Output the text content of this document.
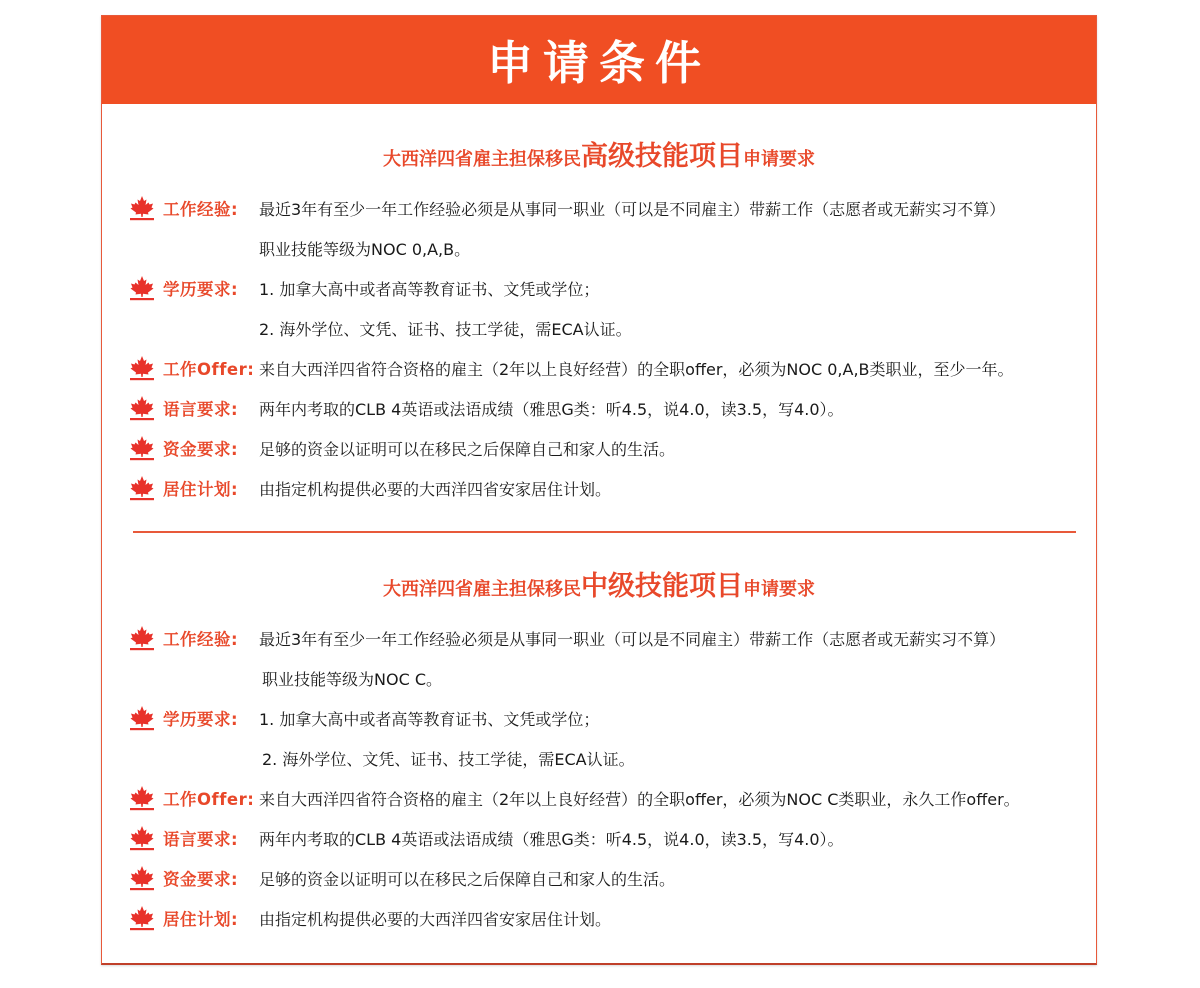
申请条件
大西洋四省雇主担保移民高级技能项目申请要求
工作经验:	最近3年有至少一年工作经验必须是从事同一职业（可以是不同雇主）带薪工作（志愿者或无薪实习不算）
职业技能等级为NOC 0,A,B。
学历要求:	1. 加拿大高中或者高等教育证书、文凭或学位；
2. 海外学位、文凭、证书、技工学徒，需ECA认证。
工作Offer: 来自大西洋四省符合资格的雇主（2年以上良好经营）的全职offer，必须为NOC 0,A,B类职业，至少一年。
语言要求:	两年内考取的CLB 4英语或法语成绩（雅思G类：听4.5，说4.0，读3.5，写4.0）。
资金要求:	足够的资金以证明可以在移民之后保障自己和家人的生活。
居住计划:	由指定机构提供必要的大西洋四省安家居住计划。
大西洋四省雇主担保移民中级技能项目申请要求
工作经验:	最近3年有至少一年工作经验必须是从事同一职业（可以是不同雇主）带薪工作（志愿者或无薪实习不算）
职业技能等级为NOC C。
学历要求:	1. 加拿大高中或者高等教育证书、文凭或学位；
2. 海外学位、文凭、证书、技工学徒，需ECA认证。
工作Offer: 来自大西洋四省符合资格的雇主（2年以上良好经营）的全职offer，必须为NOC C类职业，永久工作offer。
语言要求:	两年内考取的CLB 4英语或法语成绩（雅思G类：听4.5，说4.0，读3.5，写4.0）。
资金要求:	足够的资金以证明可以在移民之后保障自己和家人的生活。
居住计划:	由指定机构提供必要的大西洋四省安家居住计划。
